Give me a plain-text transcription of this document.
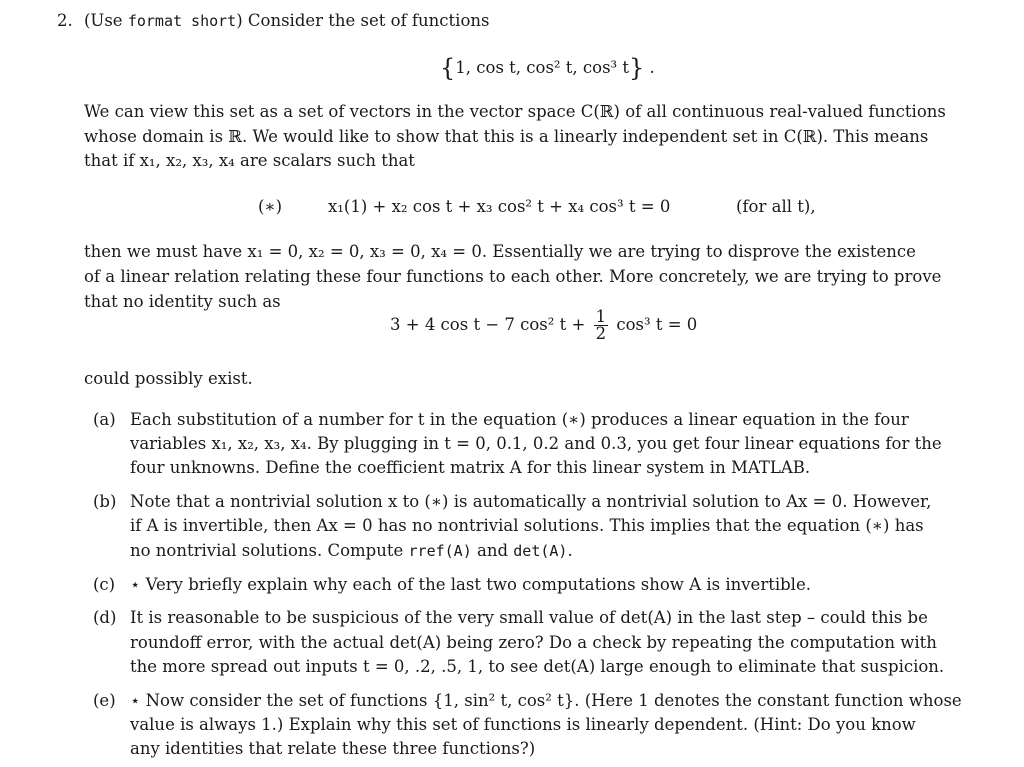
2. (Use format short) Consider the set of functions
{1, cos t, cos² t, cos³ t} .
We can view this set as a set of vectors in the vector space C(ℝ) of all continuous real-valued functions
whose domain is ℝ. We would like to show that this is a linearly independent set in C(ℝ). This means
that if x₁, x₂, x₃, x₄ are scalars such that
(∗)	x₁(1) + x₂ cos t + x₃ cos² t + x₄ cos³ t = 0	(for all t),
then we must have x₁ = 0, x₂ = 0, x₃ = 0, x₄ = 0. Essentially we are trying to disprove the existence
of a linear relation relating these four functions to each other. More concretely, we are trying to prove
that no identity such as
3 + 4 cos t − 7 cos² $t + \frac{1}{2} \cos^3$ t = 0
could possibly exist.
(a) Each substitution of a number for t in the equation (∗) produces a linear equation in the four
variables x₁, x₂, x₃, x₄. By plugging in t = 0, 0.1, 0.2 and 0.3, you get four linear equations for the
four unknowns. Define the coefficient matrix A for this linear system in MATLAB.
(b) Note that a nontrivial solution x to (∗) is automatically a nontrivial solution to Ax = 0. However,
if A is invertible, then Ax = 0 has no nontrivial solutions. This implies that the equation (∗) has
no nontrivial solutions. Compute rref(A) and det(A).
(c) ⋆ Very briefly explain why each of the last two computations show A is invertible.
(d) It is reasonable to be suspicious of the very small value of det(A) in the last step – could this be
roundoff error, with the actual det(A) being zero? Do a check by repeating the computation with
the more spread out inputs t = 0, .2, .5, 1, to see det(A) large enough to eliminate that suspicion.
(e) ⋆ Now consider the set of functions {1, sin² t, cos² t}. (Here 1 denotes the constant function whose
value is always 1.) Explain why this set of functions is linearly dependent. (Hint: Do you know
any identities that relate these three functions?)
